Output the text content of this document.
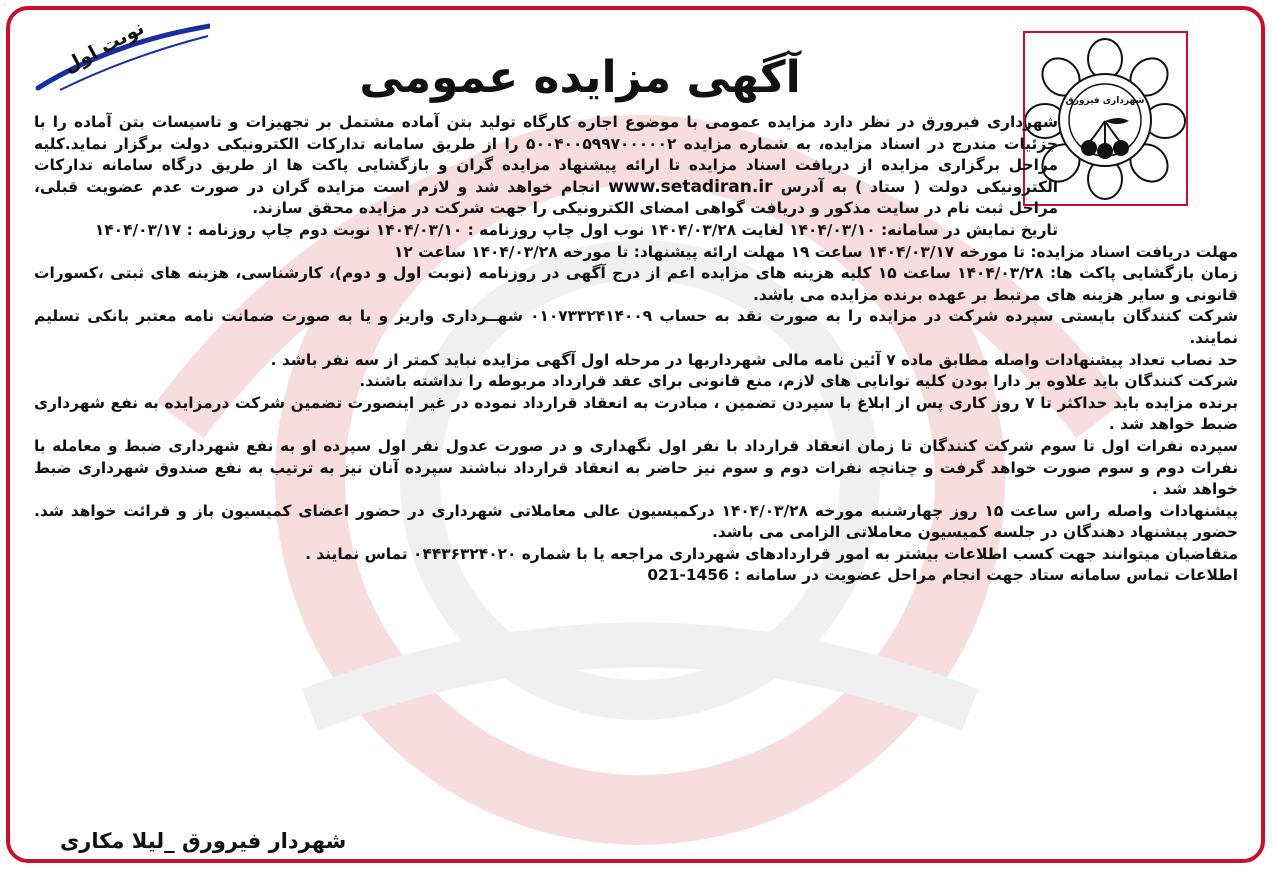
نوبت اول
شهرداری فیرورق
آگهی مزایده عمومی

شهرداری فیرورق در نظر دارد مزایده عمومی با موضوع اجاره کارگاه تولید بتن آماده مشتمل بر تجهیزات و تاسیسات بتن آماده را با جزئیات مندرج در اسناد مزایده، به شماره مزایده ۵۰۰۴۰۰۵۹۹۷۰۰۰۰۰۲ را از طریق سامانه تدارکات الکترونیکی دولت برگزار نماید.کلیه مراحل برگزاری مزایده از دریافت اسناد مزایده تا ارائه پیشنهاد مزایده گران و بازگشایی پاکت ها از طریق درگاه سامانه تدارکات الکترونیکی دولت ( ستاد ) به آدرس www.setadiran.ir انجام خواهد شد و لازم است مزایده گران در صورت عدم عضویت قبلی، مراحل ثبت نام در سایت مذکور و دریافت گواهی امضای الکترونیکی را جهت شرکت در مزایده محقق سازند.

تاریخ نمایش در سامانه: ۱۴۰۴/۰۳/۱۰ لغایت ۱۴۰۴/۰۳/۲۸ نوب اول چاپ روزنامه : ۱۴۰۴/۰۳/۱۰ نوبت دوم چاپ روزنامه : ۱۴۰۴/۰۳/۱۷

مهلت دریافت اسناد مزایده: تا مورخه ۱۴۰۴/۰۳/۱۷ ساعت ۱۹ مهلت ارائه پیشنهاد: تا مورخه ۱۴۰۴/۰۳/۲۸ ساعت ۱۲

زمان بازگشایی پاکت ها: ۱۴۰۴/۰۳/۲۸ ساعت ۱۵ کلیه هزینه های مزایده اعم از درج آگهی در روزنامه (نوبت اول و دوم)، کارشناسی، هزینه های ثبتی ،کسورات قانونی و سایر هزینه های مرتبط بر عهده برنده مزایده می باشد.

شرکت کنندگان بایستی سپرده شرکت در مزایده را به صورت نقد به حساب ۰۱۰۷۳۳۲۴۱۴۰۰۹ شهــرداری واریز و یا به صورت ضمانت نامه معتبر بانکی تسلیم نمایند.

حد نصاب تعداد پیشنهادات واصله مطابق ماده ۷ آئین نامه مالی شهرداریها در مرحله اول آگهی مزایده نباید کمتر از سه نفر باشد .

شرکت کنندگان باید علاوه بر دارا بودن کلیه توانایی های لازم، منع قانونی برای عقد قرارداد مربوطه را نداشته باشند.

برنده مزایده باید حداکثر تا ۷ روز کاری پس از ابلاغ با سپردن تضمین ، مبادرت به انعقاد قرارداد نموده در غیر اینصورت تضمین شرکت درمزایده به نفع شهرداری ضبط خواهد شد .

سپرده نفرات اول تا سوم شرکت کنندگان تا زمان انعقاد قرارداد با نفر اول نگهداری و در صورت عدول نفر اول سپرده او به نفع شهرداری ضبط و معامله با نفرات دوم و سوم صورت خواهد گرفت و چنانچه نفرات دوم و سوم نیز حاضر به انعقاد قرارداد نباشند سپرده آنان نیز به ترتیب به نفع صندوق شهرداری ضبط خواهد شد .

پیشنهادات واصله راس ساعت ۱۵ روز چهارشنبه مورخه ۱۴۰۴/۰۳/۲۸ درکمیسیون عالی معاملاتی شهرداری در حضور اعضای کمیسیون باز و قرائت خواهد شد. حضور پیشنهاد دهندگان در جلسه کمیسیون معاملاتی الزامی می باشد.

متقاضیان میتوانند جهت کسب اطلاعات بیشتر به امور قراردادهای شهرداری مراجعه یا با شماره ۰۴۴۳۶۳۲۴۰۲۰ تماس نمایند .

اطلاعات تماس سامانه ستاد جهت انجام مراحل عضویت در سامانه : 021-1456

شهردار فیرورق _لیلا مکاری
